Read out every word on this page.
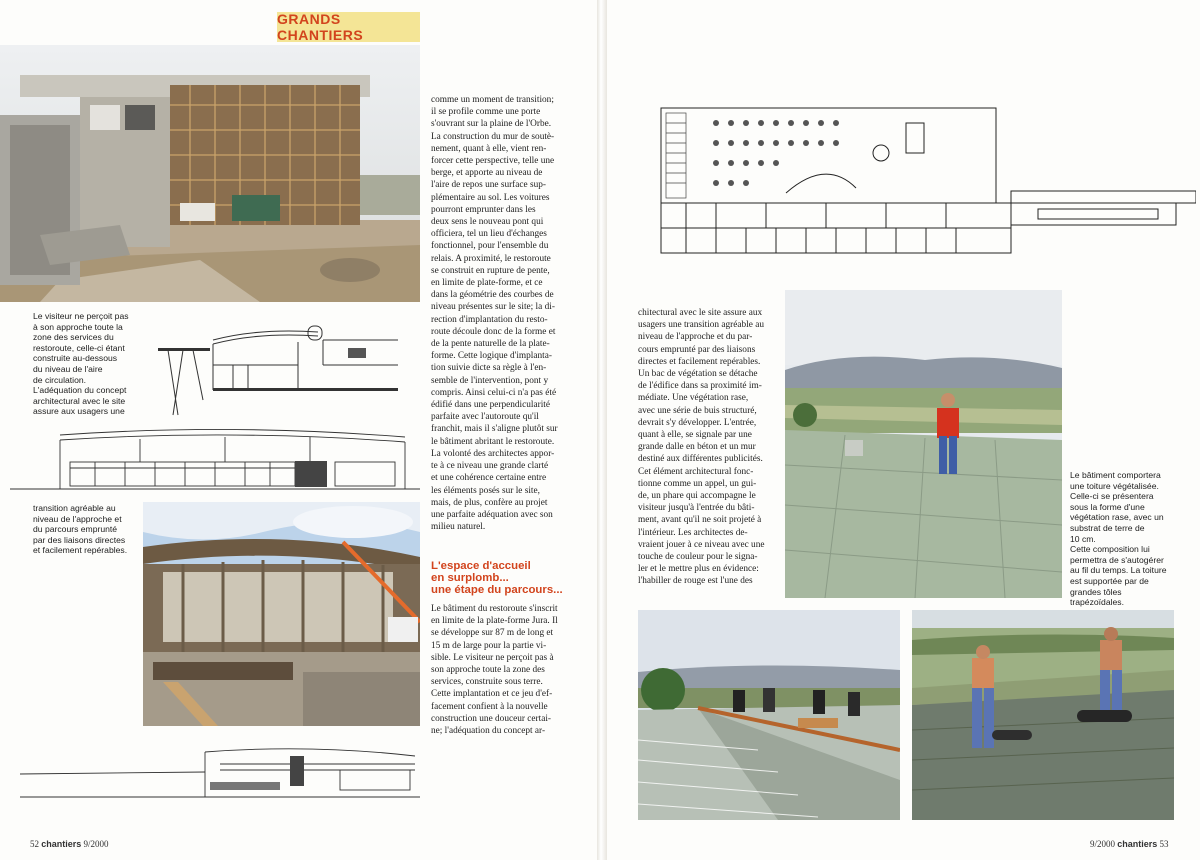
GRANDS CHANTIERS

Le visiteur ne perçoit pas

à son approche toute la

zone des services du

restoroute, celle-ci étant

construite au-dessous

du niveau de l'aire

de circulation.

L'adéquation du concept

architectural avec le site

assure aux usagers une

transition agréable au

niveau de l'approche et

du parcours emprunté

par des liaisons directes

et facilement repérables.

comme un moment de transition;

il se profile comme une porte

s'ouvrant sur la plaine de l'Orbe.

La construction du mur de soutè-

nement, quant à elle, vient ren-

forcer cette perspective, telle une

berge, et apporte au niveau de

l'aire de repos une surface sup-

plémentaire au sol. Les voitures

pourront emprunter dans les

deux sens le nouveau pont qui

officiera, tel un lieu d'échanges

fonctionnel, pour l'ensemble du

relais. A proximité, le restoroute

se construit en rupture de pente,

en limite de plate-forme, et ce

dans la géométrie des courbes de

niveau présentes sur le site; la di-

rection d'implantation du resto-

route découle donc de la forme et

de la pente naturelle de la plate-

forme. Cette logique d'implanta-

tion suivie dicte sa règle à l'en-

semble de l'intervention, pont y

compris. Ainsi celui-ci n'a pas été

édifié dans une perpendicularité

parfaite avec l'autoroute qu'il

franchit, mais il s'aligne plutôt sur

le bâtiment abritant le restoroute.

La volonté des architectes appor-

te à ce niveau une grande clarté

et une cohérence certaine entre

les éléments posés sur le site,

mais, de plus, confère au projet

une parfaite adéquation avec son

milieu naturel.

L'espace d'accueil

en surplomb...

une étape du parcours...

Le bâtiment du restoroute s'inscrit

en limite de la plate-forme Jura. Il

se développe sur 87 m de long et

15 m de large pour la partie vi-

sible. Le visiteur ne perçoit pas à

son approche toute la zone des

services, construite sous terre.

Cette implantation et ce jeu d'ef-

facement confient à la nouvelle

construction une douceur certai-

ne; l'adéquation du concept ar-

chitectural avec le site assure aux

usagers une transition agréable au

niveau de l'approche et du par-

cours emprunté par des liaisons

directes et facilement repérables.

Un bac de végétation se détache

de l'édifice dans sa proximité im-

médiate. Une végétation rase,

avec une série de buis structuré,

devrait s'y développer. L'entrée,

quant à elle, se signale par une

grande dalle en béton et un mur

destiné aux différentes publicités.

Cet élément architectural fonc-

tionne comme un appel, un gui-

de, un phare qui accompagne le

visiteur jusqu'à l'entrée du bâti-

ment, avant qu'il ne soit projeté à

l'intérieur. Les architectes de-

vraient jouer à ce niveau avec une

touche de couleur pour le signa-

ler et le mettre plus en évidence:

l'habiller de rouge est l'une des

Le bâtiment comportera

une toiture végétalisée.

Celle-ci se présentera

sous la forme d'une

végétation rase, avec un

substrat de terre de

10 cm.

Cette composition lui

permettra de s'autogérer

au fil du temps. La toiture

est supportée par de

grandes tôles

trapézoïdales.

52 chantiers 9/2000	9/2000 chantiers 53
